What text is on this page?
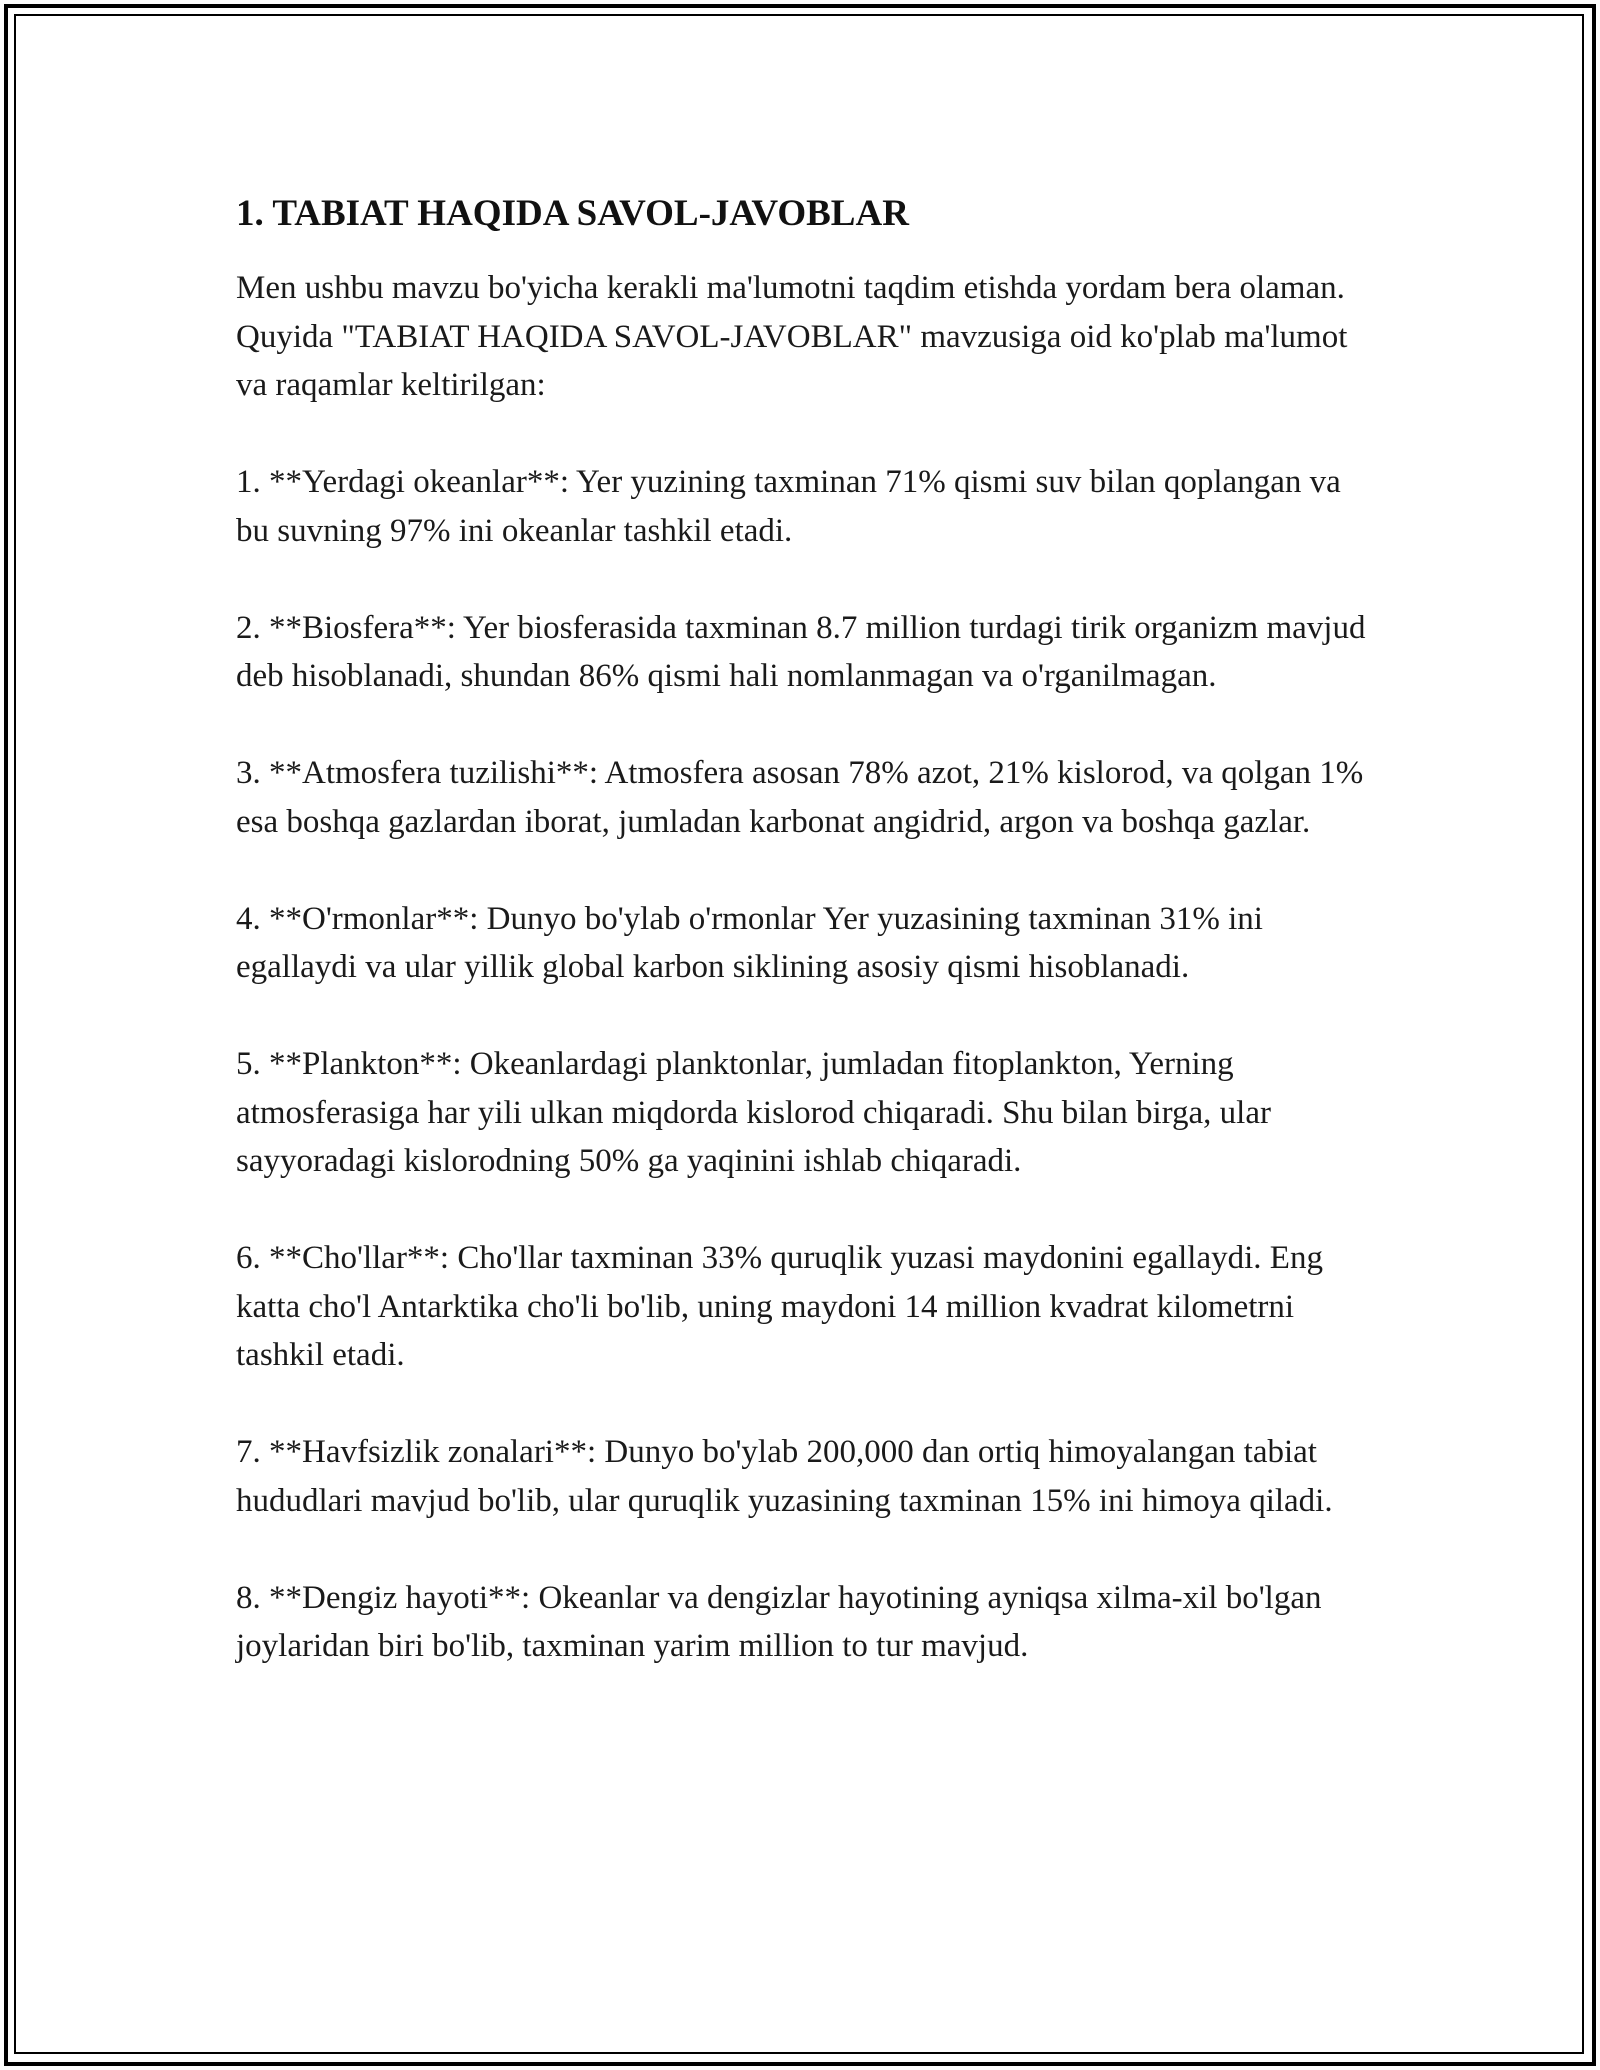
1. TABIAT HAQIDA SAVOL-JAVOBLAR

Men ushbu mavzu bo'yicha kerakli ma'lumotni taqdim etishda yordam bera olaman. Quyida "TABIAT HAQIDA SAVOL-JAVOBLAR" mavzusiga oid ko'plab ma'lumot va raqamlar keltirilgan:

1. **Yerdagi okeanlar**: Yer yuzining taxminan 71% qismi suv bilan qoplangan va bu suvning 97% ini okeanlar tashkil etadi.

2. **Biosfera**: Yer biosferasida taxminan 8.7 million turdagi tirik organizm mavjud deb hisoblanadi, shundan 86% qismi hali nomlanmagan va o'rganilmagan.

3. **Atmosfera tuzilishi**: Atmosfera asosan 78% azot, 21% kislorod, va qolgan 1% esa boshqa gazlardan iborat, jumladan karbonat angidrid, argon va boshqa gazlar.

4. **O'rmonlar**: Dunyo bo'ylab o'rmonlar Yer yuzasining taxminan 31% ini egallaydi va ular yillik global karbon siklining asosiy qismi hisoblanadi.

5. **Plankton**: Okeanlardagi planktonlar, jumladan fitoplankton, Yerning atmosferasiga har yili ulkan miqdorda kislorod chiqaradi. Shu bilan birga, ular sayyoradagi kislorodning 50% ga yaqinini ishlab chiqaradi.

6. **Cho'llar**: Cho'llar taxminan 33% quruqlik yuzasi maydonini egallaydi. Eng katta cho'l Antarktika cho'li bo'lib, uning maydoni 14 million kvadrat kilometrni tashkil etadi.

7. **Havfsizlik zonalari**: Dunyo bo'ylab 200,000 dan ortiq himoyalangan tabiat hududlari mavjud bo'lib, ular quruqlik yuzasining taxminan 15% ini himoya qiladi.

8. **Dengiz hayoti**: Okeanlar va dengizlar hayotining ayniqsa xilma-xil bo'lgan joylaridan biri bo'lib, taxminan yarim million to tur mavjud.
